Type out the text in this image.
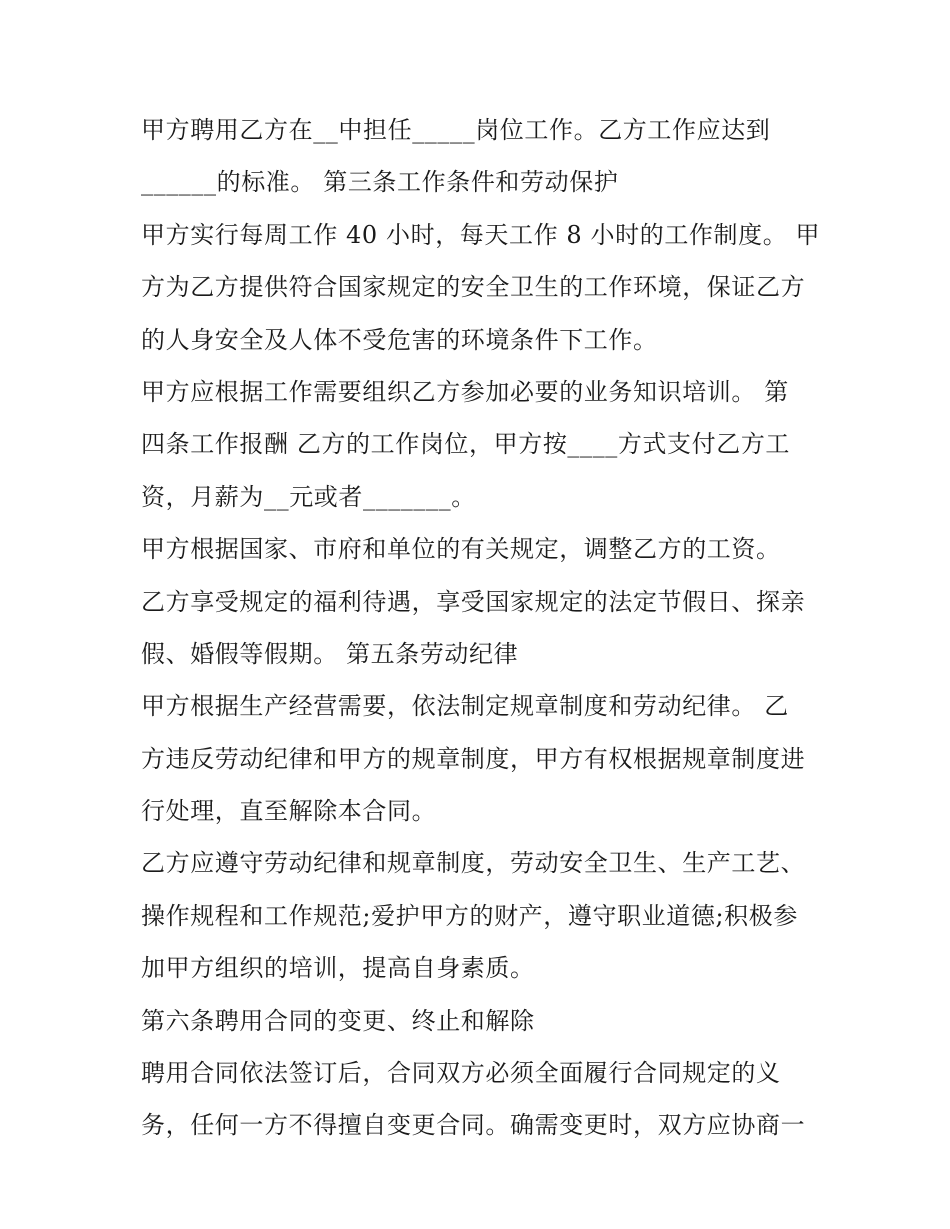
甲方聘用乙方在__中担任_____岗位工作。乙方工作应达到
______的标准。 第三条工作条件和劳动保护
甲方实行每周工作 40 小时，每天工作 8 小时的工作制度。 甲
方为乙方提供符合国家规定的安全卫生的工作环境，保证乙方
的人身安全及人体不受危害的环境条件下工作。
甲方应根据工作需要组织乙方参加必要的业务知识培训。 第
四条工作报酬 乙方的工作岗位，甲方按____方式支付乙方工
资，月薪为__元或者_______。
甲方根据国家、市府和单位的有关规定，调整乙方的工资。
乙方享受规定的福利待遇，享受国家规定的法定节假日、探亲
假、婚假等假期。 第五条劳动纪律
甲方根据生产经营需要，依法制定规章制度和劳动纪律。 乙
方违反劳动纪律和甲方的规章制度，甲方有权根据规章制度进
行处理，直至解除本合同。
乙方应遵守劳动纪律和规章制度，劳动安全卫生、生产工艺、
操作规程和工作规范;爱护甲方的财产，遵守职业道德;积极参
加甲方组织的培训，提高自身素质。
第六条聘用合同的变更、终止和解除
聘用合同依法签订后，合同双方必须全面履行合同规定的义
务，任何一方不得擅自变更合同。确需变更时，双方应协商一
